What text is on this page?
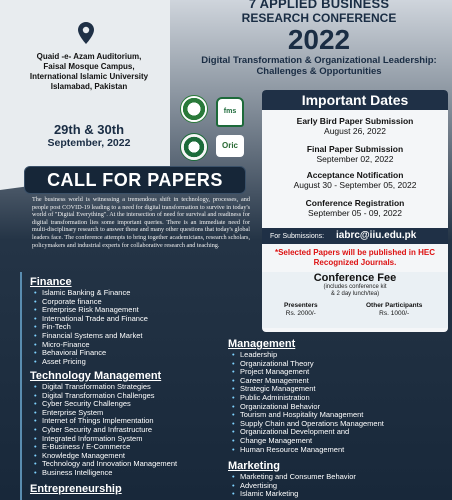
7 APPLIED BUSINESS
RESEARCH CONFERENCE
2022
Digital Transformation & Organizational Leadership: Challenges & Opportunities
Quaid -e- Azam Auditorium,
Faisal Mosque Campus,
International Islamic University
Islamabad, Pakistan
29th & 30th
September, 2022
fms
Oric
Important Dates
Early Bird Paper Submission
August 26, 2022
Final Paper Submission
September 02, 2022
Acceptance Notification
August 30 - September 05, 2022
Conference Registration
September 05 - 09, 2022
For Submissions: iabrc@iiu.edu.pk
*Selected Papers will be published in HEC Recognized Journals.
Conference Fee
(includes conference kit
& 2 day lunch/tea)
Presenters
Rs. 2000/-
Other Participants
Rs. 1000/-
CALL FOR PAPERS
The business world is witnessing a tremendous shift in technology, processes, and people post COVID-19 leading to a need for digital transformation to survive in today's world of "Digital Everything". At the intersection of need for survival and readiness for digital transformation lies some important queries. There is an immediate need for multi-disciplinary research to answer these and many other questions that today's global leaders face. The conference attempts to bring together academicians, research scholars, policymakers and industrial experts for collaborative research and teaching.
Finance
• Islamic Banking & Finance
• Corporate finance
• Enterprise Risk Management
• International Trade and Finance
• Fin-Tech
• Financial Systems and Market
• Micro-Finance
• Behavioral Finance
• Asset Pricing
Technology Management
• Digital Transformation Strategies
• Digital Transformation Challenges
• Cyber Security Challenges
• Enterprise System
• Internet of Things Implementation
• Cyber Security and Infrastructure
• Integrated Information System
• E-Business / E-Commerce
• Knowledge Management
• Technology and Innovation Management
• Business Intelligence
Entrepreneurship
Management
• Leadership
• Organizational Theory
• Project Management
• Career Management
• Strategic Management
• Public Administration
• Organizational Behavior
• Tourism and Hospitality Management
• Supply Chain and Operations Management
• Organizational Development and
• Change Management
• Human Resource Management
Marketing
• Marketing and Consumer Behavior
• Advertising
• Islamic Marketing
